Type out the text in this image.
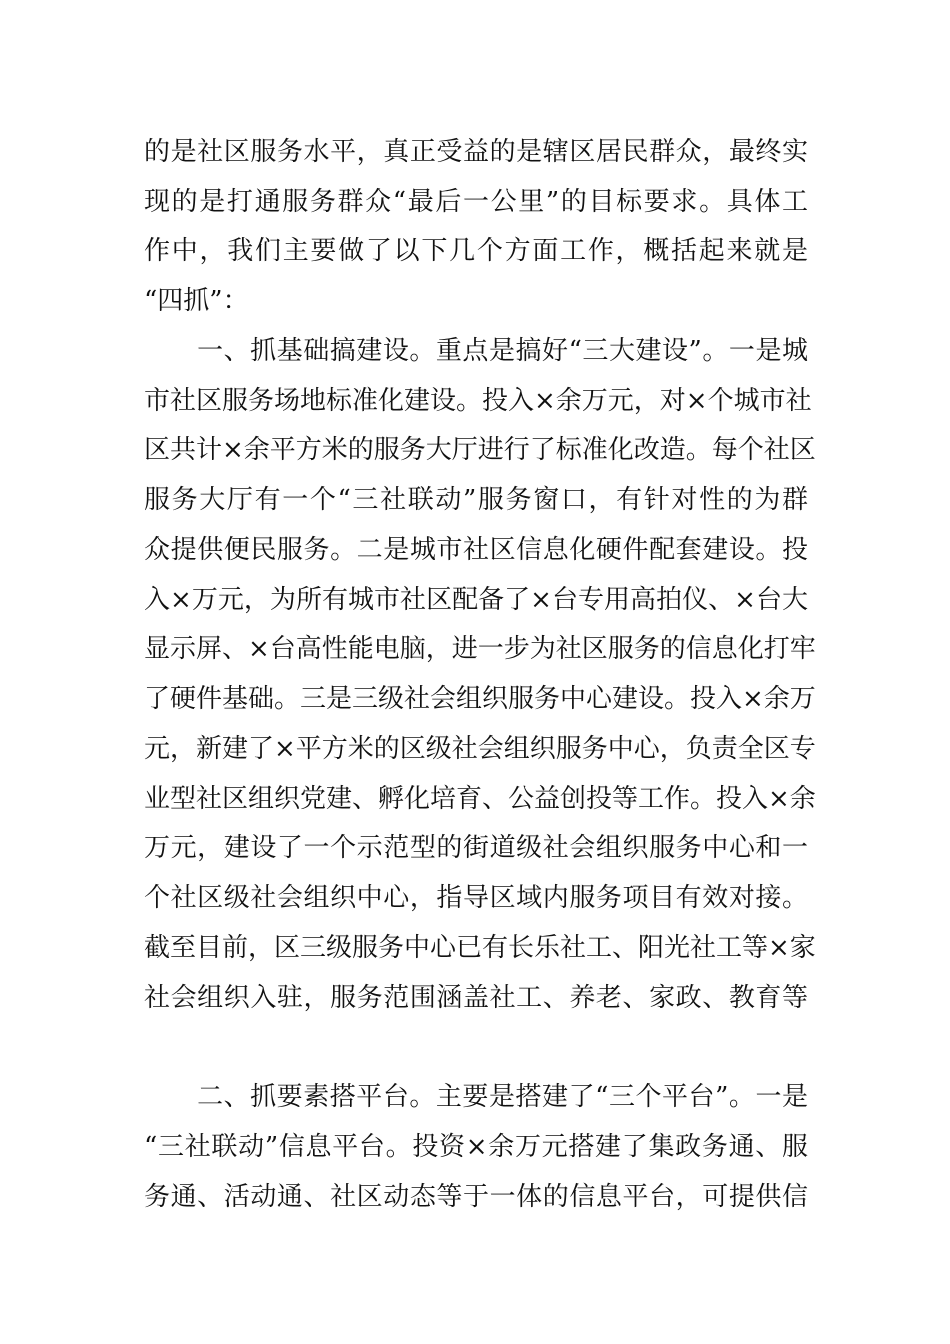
的是社区服务水平，真正受益的是辖区居民群众，最终实
现的是打通服务群众“最后一公里”的目标要求。具体工
作中，我们主要做了以下几个方面工作，概括起来就是
“四抓”：
　　一、抓基础搞建设。重点是搞好“三大建设”。一是城
市社区服务场地标准化建设。投入×余万元，对×个城市社
区共计×余平方米的服务大厅进行了标准化改造。每个社区
服务大厅有一个“三社联动”服务窗口，有针对性的为群
众提供便民服务。二是城市社区信息化硬件配套建设。投
入×万元，为所有城市社区配备了×台专用高拍仪、×台大
显示屏、×台高性能电脑，进一步为社区服务的信息化打牢
了硬件基础。三是三级社会组织服务中心建设。投入×余万
元，新建了×平方米的区级社会组织服务中心，负责全区专
业型社区组织党建、孵化培育、公益创投等工作。投入×余
万元，建设了一个示范型的街道级社会组织服务中心和一
个社区级社会组织中心，指导区域内服务项目有效对接。
截至目前，区三级服务中心已有长乐社工、阳光社工等×家
社会组织入驻，服务范围涵盖社工、养老、家政、教育等
　　二、抓要素搭平台。主要是搭建了“三个平台”。一是
“三社联动”信息平台。投资×余万元搭建了集政务通、服
务通、活动通、社区动态等于一体的信息平台，可提供信
